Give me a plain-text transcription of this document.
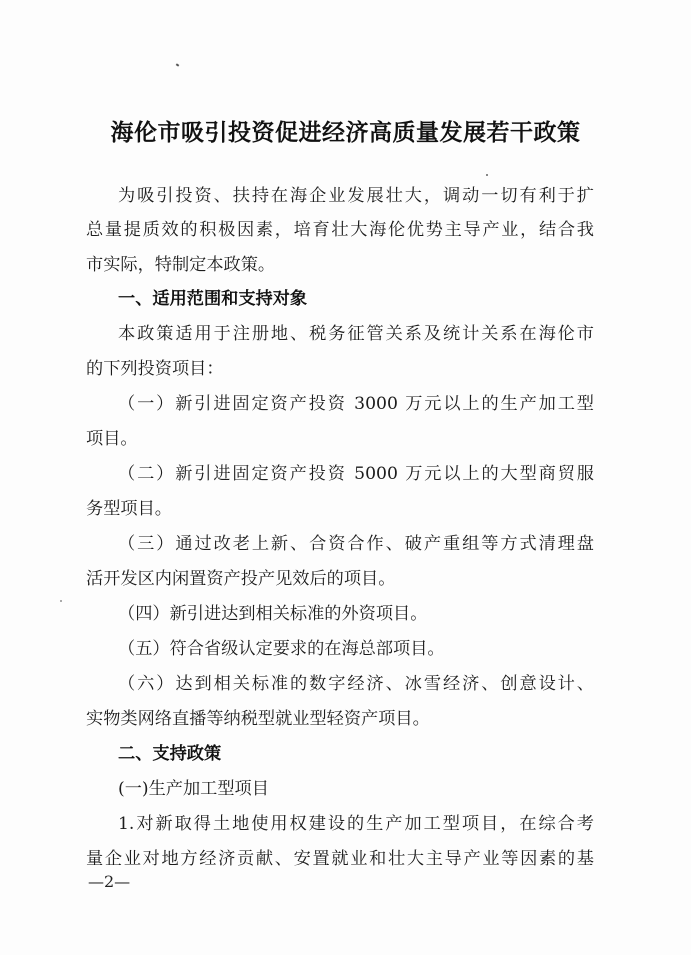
海伦市吸引投资促进经济高质量发展若干政策
为吸引投资、扶持在海企业发展壮大，调动一切有利于扩
总量提质效的积极因素，培育壮大海伦优势主导产业，结合我
市实际，特制定本政策。
一、适用范围和支持对象
本政策适用于注册地、税务征管关系及统计关系在海伦市
的下列投资项目：
（一）新引进固定资产投资 3000 万元以上的生产加工型
项目。
（二）新引进固定资产投资 5000 万元以上的大型商贸服
务型项目。
（三）通过改老上新、合资合作、破产重组等方式清理盘
活开发区内闲置资产投产见效后的项目。
（四）新引进达到相关标准的外资项目。
（五）符合省级认定要求的在海总部项目。
（六）达到相关标准的数字经济、冰雪经济、创意设计、
实物类网络直播等纳税型就业型轻资产项目。
二、支持政策
(一)生产加工型项目
1.对新取得土地使用权建设的生产加工型项目，在综合考
量企业对地方经济贡献、安置就业和壮大主导产业等因素的基
—2—
